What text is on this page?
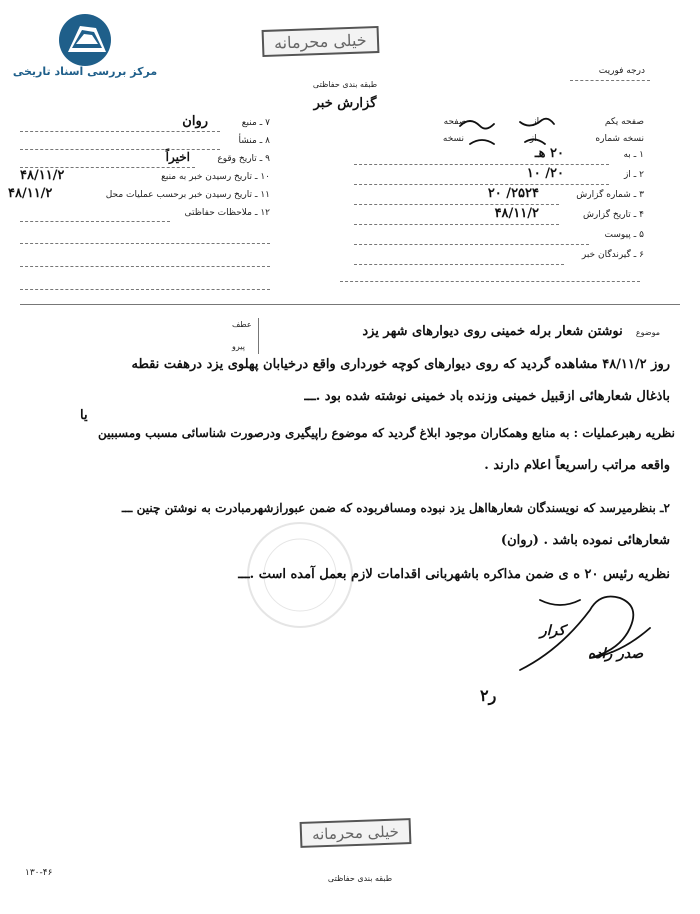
مرکز بررسی اسناد تاریخی
خیلی محرمانه
طبقه بندی حفاظتی
گزارش خبر
درجه فوریت
صفحه یکم  از  صفحه
نسخه شماره  از  نسخه
۱ ـ به
۲۰ هـ
۲ ـ از
۲۰/ ۱۰
۳ ـ شماره گزارش
۲۵۲۴/ ۲۰
۴ ـ تاریخ گزارش
۴۸/۱۱/۲
۵ ـ پیوست
۶ ـ گیرندگان خبر
۷ ـ منبع
روان
۸ ـ منشأ
۹ ـ تاریخ وقوع
اخیراً
۱۰ ـ تاریخ رسیدن خبر به منبع
۴۸/۱۱/۲
۱۱ ـ تاریخ رسیدن خبر برحسب عملیات محل
۴۸/۱۱/۲
۱۲ ـ ملاحظات حفاظتی
عطف
پیرو
موضوع نوشتن شعار برله خمینی روی دیوارهای شهر یزد
روز ۴۸/۱۱/۲ مشاهده گردید که روی دیوارهای کوچه‌ خورداری واقع درخیابان پهلوی یزد درهفت نقطه
باذغال شعارهائی ازقبیل خمینی وزنده باد خمینی نوشته شده بود .ـــ
یا
نظریه رهبرعملیات : به منابع وهمکاران موجود ابلاغ گردید که موضوع راپیگیری ودرصورت شناسائی مسبب ومسببین
واقعه مراتب راسریعاً اعلام دارند .
۲ـ بنظرمیرسد که نویسندگان شعارهااهل یزد نبوده ومسافربوده که ضمن عبورازشهرمبادرت به نوشتن چنین ـــ
شعارهائی نموده باشد . (روان)
نظریه رئیس ۲۰ ه ی ضمن مذاکره باشهربانی اقدامات لازم بعمل آمده است .ـــ
کرار
صدر زاده
۲ر
خیلی محرمانه
طبقه بندی حفاظتی
۱۳۰-۴۶
